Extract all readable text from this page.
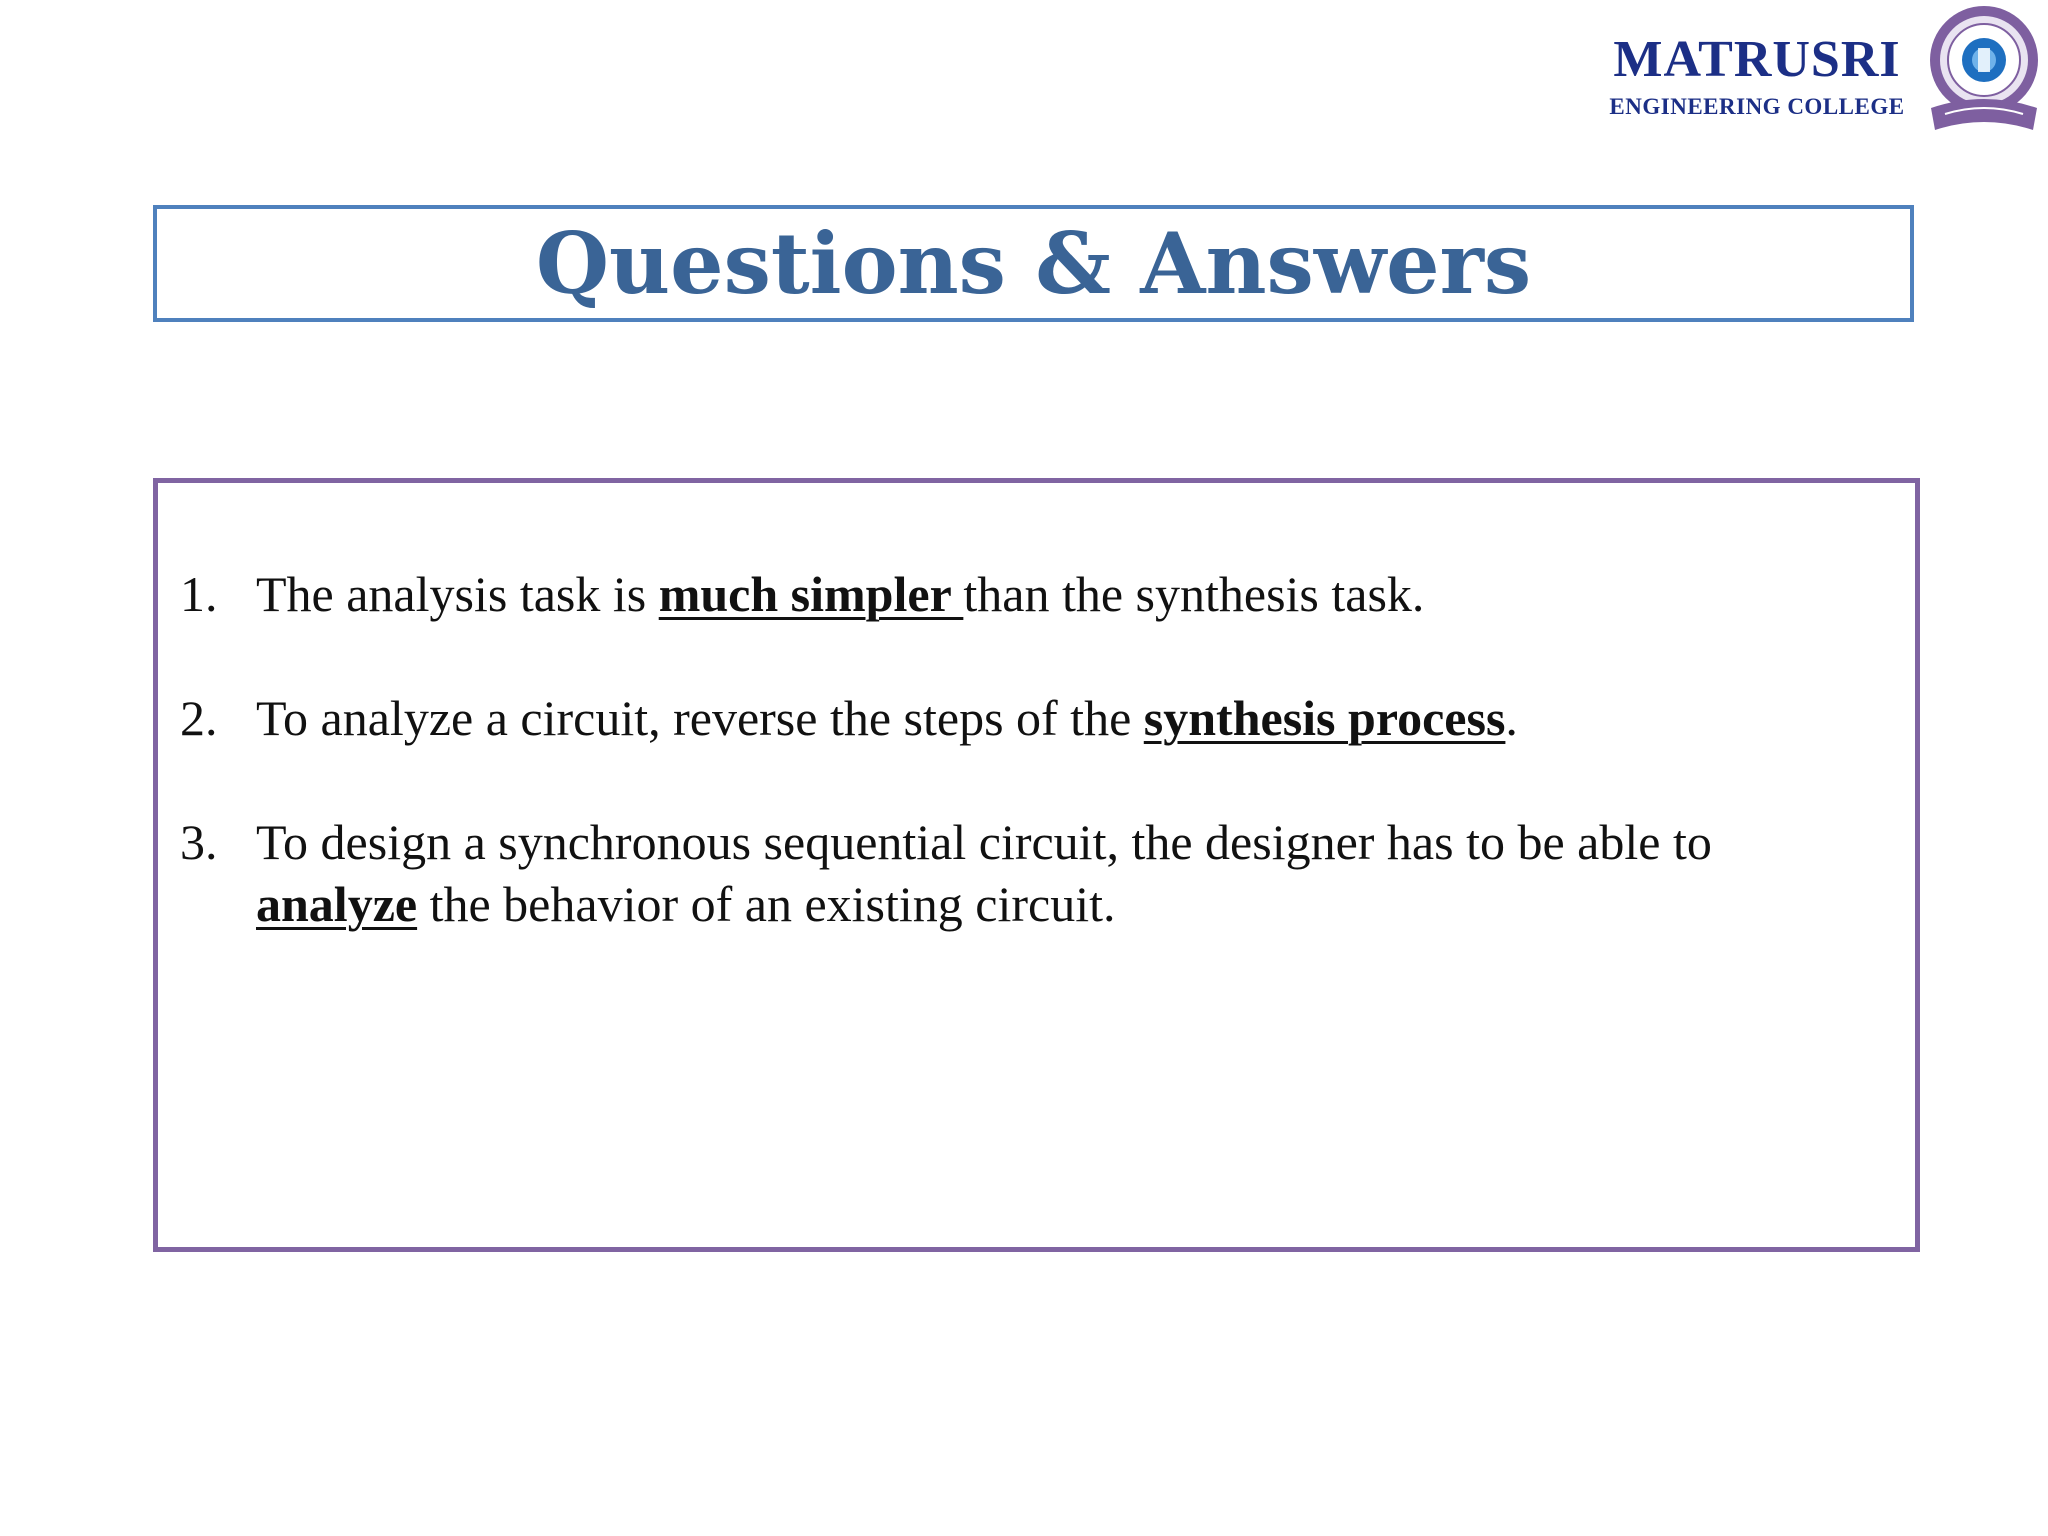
MATRUSRI
ENGINEERING COLLEGE
Questions & Answers
1. The analysis task is much simpler than the synthesis task.
2. To analyze a circuit, reverse the steps of the synthesis process.
3. To design a synchronous sequential circuit, the designer has to be able to analyze the behavior of an existing circuit.
